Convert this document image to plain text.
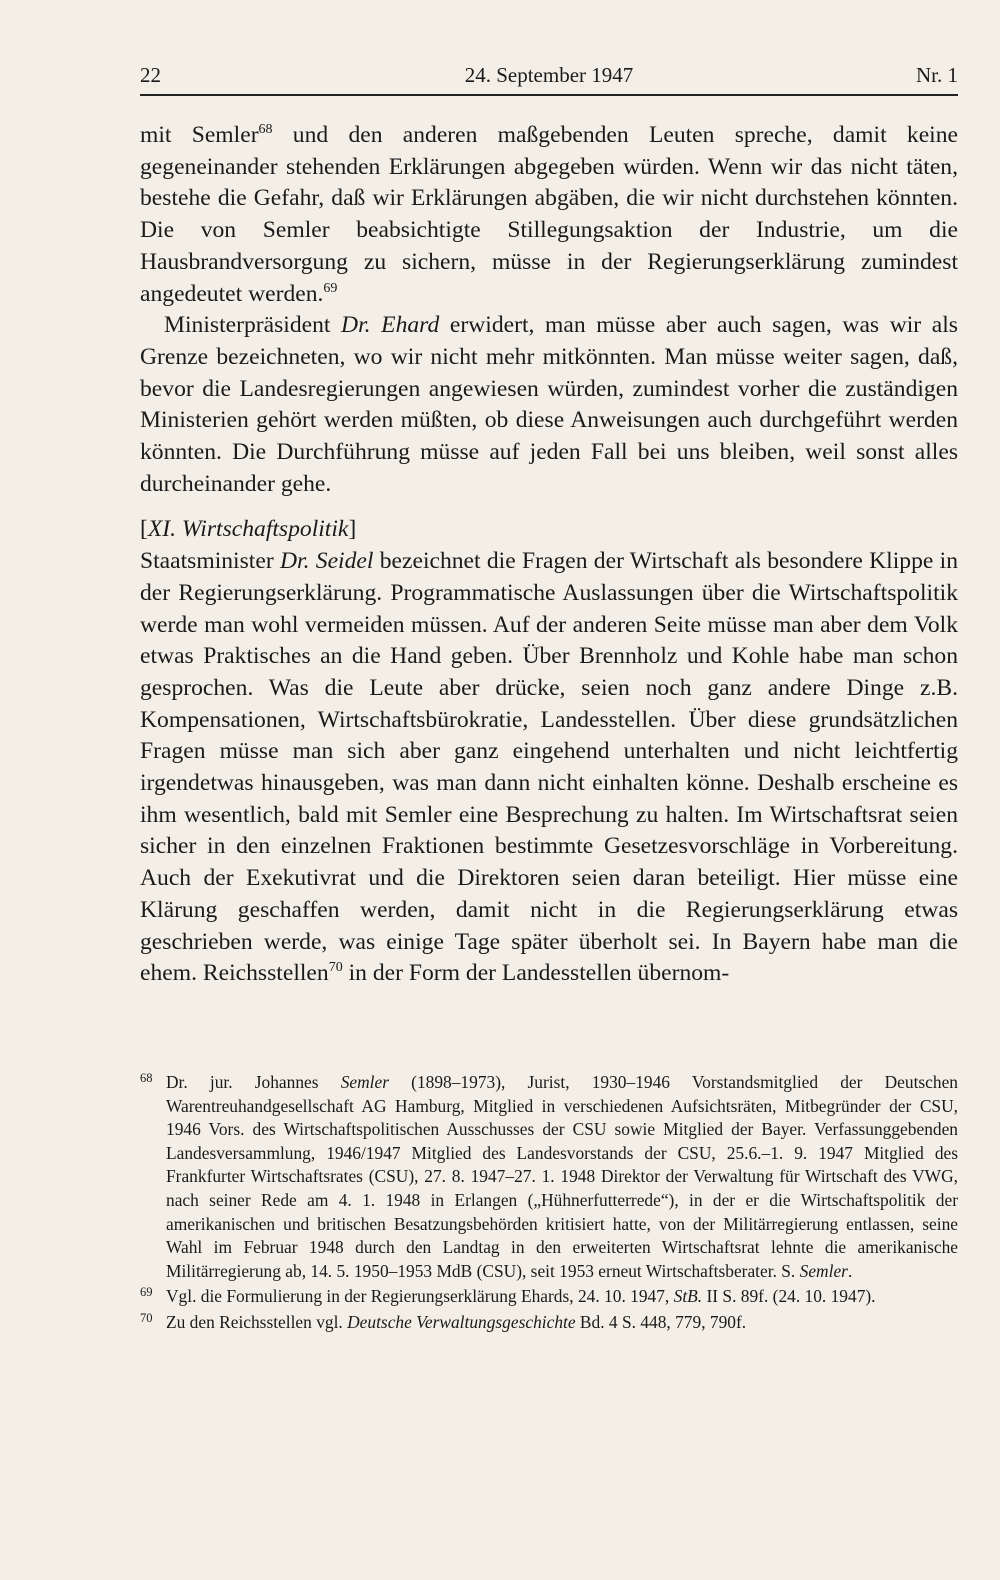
22	24. September 1947	Nr. 1

mit Semler$^{68}$ und den anderen maßgebenden Leuten spreche, damit keine gegeneinander stehenden Erklärungen abgegeben würden. Wenn wir das nicht täten, bestehe die Gefahr, daß wir Erklärungen abgäben, die wir nicht durchstehen könnten. Die von Semler beabsichtigte Stillegungsaktion der Industrie, um die Hausbrandversorgung zu sichern, müsse in der Regierungserklärung zumindest angedeutet werden.$^{69}$

Ministerpräsident Dr. Ehard erwidert, man müsse aber auch sagen, was wir als Grenze bezeichneten, wo wir nicht mehr mitkönnten. Man müsse weiter sagen, daß, bevor die Landesregierungen angewiesen würden, zumindest vorher die zuständigen Ministerien gehört werden müßten, ob diese Anweisungen auch durchgeführt werden könnten. Die Durchführung müsse auf jeden Fall bei uns bleiben, weil sonst alles durcheinander gehe.

[XI. Wirtschaftspolitik]

Staatsminister Dr. Seidel bezeichnet die Fragen der Wirtschaft als besondere Klippe in der Regierungserklärung. Programmatische Auslassungen über die Wirtschaftspolitik werde man wohl vermeiden müssen. Auf der anderen Seite müsse man aber dem Volk etwas Praktisches an die Hand geben. Über Brennholz und Kohle habe man schon gesprochen. Was die Leute aber drücke, seien noch ganz andere Dinge z.B. Kompensationen, Wirtschaftsbürokratie, Landesstellen. Über diese grundsätzlichen Fragen müsse man sich aber ganz eingehend unterhalten und nicht leichtfertig irgendetwas hinausgeben, was man dann nicht einhalten könne. Deshalb erscheine es ihm wesentlich, bald mit Semler eine Besprechung zu halten. Im Wirtschaftsrat seien sicher in den einzelnen Fraktionen bestimmte Gesetzesvorschläge in Vorbereitung. Auch der Exekutivrat und die Direktoren seien daran beteiligt. Hier müsse eine Klärung geschaffen werden, damit nicht in die Regierungserklärung etwas geschrieben werde, was einige Tage später überholt sei. In Bayern habe man die ehem. Reichsstellen$^{70}$ in der Form der Landesstellen übernom-

68 Dr. jur. Johannes Semler (1898–1973), Jurist, 1930–1946 Vorstandsmitglied der Deutschen Warentreuhandgesellschaft AG Hamburg, Mitglied in verschiedenen Aufsichtsräten, Mitbegründer der CSU, 1946 Vors. des Wirtschaftspolitischen Ausschusses der CSU sowie Mitglied der Bayer. Verfassunggebenden Landesversammlung, 1946/1947 Mitglied des Landesvorstands der CSU, 25.6.–1. 9. 1947 Mitglied des Frankfurter Wirtschaftsrates (CSU), 27. 8. 1947–27. 1. 1948 Direktor der Verwaltung für Wirtschaft des VWG, nach seiner Rede am 4. 1. 1948 in Erlangen („Hühnerfutterrede“), in der er die Wirtschaftspolitik der amerikanischen und britischen Besatzungsbehörden kritisiert hatte, von der Militärregierung entlassen, seine Wahl im Februar 1948 durch den Landtag in den erweiterten Wirtschaftsrat lehnte die amerikanische Militärregierung ab, 14. 5. 1950–1953 MdB (CSU), seit 1953 erneut Wirtschaftsberater. S. Semler.
69 Vgl. die Formulierung in der Regierungserklärung Ehards, 24. 10. 1947, StB. II S. 89f. (24. 10. 1947).
70 Zu den Reichsstellen vgl. Deutsche Verwaltungsgeschichte Bd. 4 S. 448, 779, 790f.
